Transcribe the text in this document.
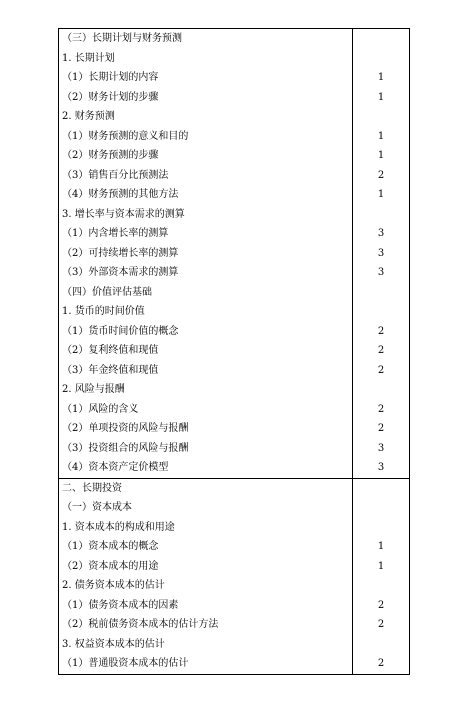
（三）长期计划与财务预测	
1. 长期计划	
（1）长期计划的内容	1
（2）财务计划的步骤	1
2. 财务预测	
（1）财务预测的意义和目的	1
（2）财务预测的步骤	1
（3）销售百分比预测法	2
（4）财务预测的其他方法	1
3. 增长率与资本需求的测算	
（1）内含增长率的测算	3
（2）可持续增长率的测算	3
（3）外部资本需求的测算	3
（四）价值评估基础	
1. 货币的时间价值	
（1）货币时间价值的概念	2
（2）复利终值和现值	2
（3）年金终值和现值	2
2. 风险与报酬	
（1）风险的含义	2
（2）单项投资的风险与报酬	2
（3）投资组合的风险与报酬	3
（4）资本资产定价模型	3
二、长期投资	
（一）资本成本	
1. 资本成本的构成和用途	
（1）资本成本的概念	1
（2）资本成本的用途	1
2. 债务资本成本的估计	
（1）债务资本成本的因素	2
（2）税前债务资本成本的估计方法	2
3. 权益资本成本的估计	
（1）普通股资本成本的估计	2
